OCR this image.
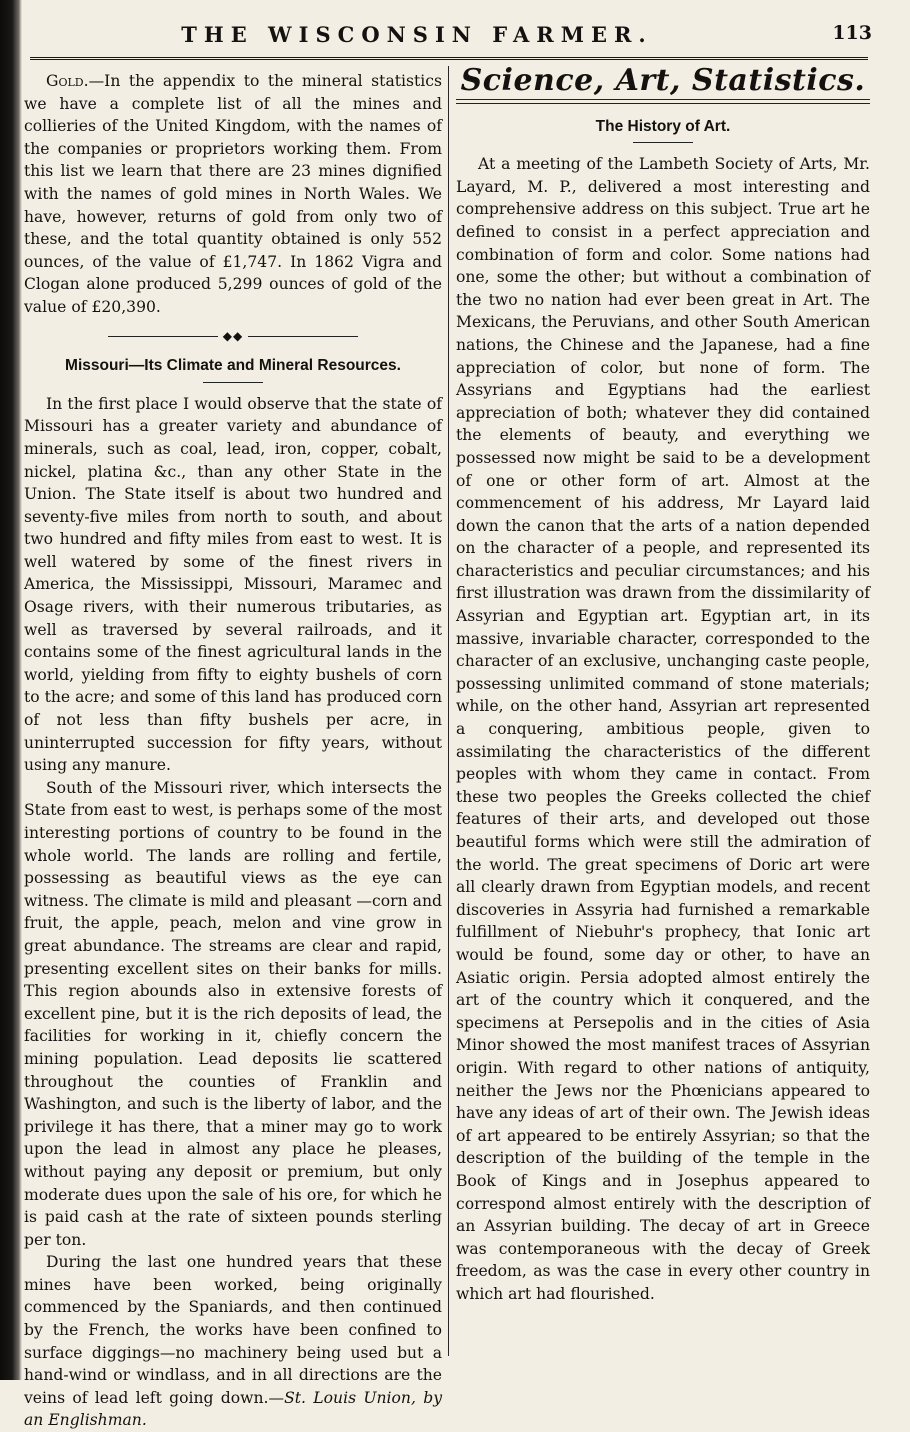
THE WISCONSIN FARMER.	113

Gold.—In the appendix to the mineral statistics we have a complete list of all the mines and collieries of the United Kingdom, with the names of the companies or proprietors working them. From this list we learn that there are 23 mines dignified with the names of gold mines in North Wales. We have, however, returns of gold from only two of these, and the total quantity obtained is only 552 ounces, of the value of £1,747. In 1862 Vigra and Clogan alone produced 5,299 ounces of gold of the value of £20,390.

◆◆

Missouri—Its Climate and Mineral Resources.

In the first place I would observe that the state of Missouri has a greater variety and abundance of minerals, such as coal, lead, iron, copper, cobalt, nickel, platina &c., than any other State in the Union. The State itself is about two hundred and seventy-five miles from north to south, and about two hundred and fifty miles from east to west. It is well watered by some of the finest rivers in America, the Mississippi, Missouri, Maramec and Osage rivers, with their numerous tributaries, as well as traversed by several railroads, and it contains some of the finest agricultural lands in the world, yielding from fifty to eighty bushels of corn to the acre; and some of this land has produced corn of not less than fifty bushels per acre, in uninterrupted succession for fifty years, without using any manure.

South of the Missouri river, which intersects the State from east to west, is perhaps some of the most interesting portions of country to be found in the whole world. The lands are rolling and fertile, possessing as beautiful views as the eye can witness. The climate is mild and pleasant —corn and fruit, the apple, peach, melon and vine grow in great abundance. The streams are clear and rapid, presenting excellent sites on their banks for mills. This region abounds also in extensive forests of excellent pine, but it is the rich deposits of lead, the facilities for working in it, chiefly concern the mining population. Lead deposits lie scattered throughout the counties of Franklin and Washington, and such is the liberty of labor, and the privilege it has there, that a miner may go to work upon the lead in almost any place he pleases, without paying any deposit or premium, but only moderate dues upon the sale of his ore, for which he is paid cash at the rate of sixteen pounds sterling per ton.

During the last one hundred years that these mines have been worked, being originally commenced by the Spaniards, and then continued by the French, the works have been confined to surface diggings—no machinery being used but a hand-wind or windlass, and in all directions are the veins of lead left going down.—St. Louis Union, by an Englishman.

Science, Art, Statistics.

The History of Art.

At a meeting of the Lambeth Society of Arts, Mr. Layard, M. P., delivered a most interesting and comprehensive address on this subject. True art he defined to consist in a perfect appreciation and combination of form and color. Some nations had one, some the other; but without a combination of the two no nation had ever been great in Art. The Mexicans, the Peruvians, and other South American nations, the Chinese and the Japanese, had a fine appreciation of color, but none of form. The Assyrians and Egyptians had the earliest appreciation of both; whatever they did contained the elements of beauty, and everything we possessed now might be said to be a development of one or other form of art. Almost at the commencement of his address, Mr Layard laid down the canon that the arts of a nation depended on the character of a people, and represented its characteristics and peculiar circumstances; and his first illustration was drawn from the dissimilarity of Assyrian and Egyptian art. Egyptian art, in its massive, invariable character, corresponded to the character of an exclusive, unchanging caste people, possessing unlimited command of stone materials; while, on the other hand, Assyrian art represented a conquering, ambitious people, given to assimilating the characteristics of the different peoples with whom they came in contact. From these two peoples the Greeks collected the chief features of their arts, and developed out those beautiful forms which were still the admiration of the world. The great specimens of Doric art were all clearly drawn from Egyptian models, and recent discoveries in Assyria had furnished a remarkable fulfillment of Niebuhr's prophecy, that Ionic art would be found, some day or other, to have an Asiatic origin. Persia adopted almost entirely the art of the country which it conquered, and the specimens at Persepolis and in the cities of Asia Minor showed the most manifest traces of Assyrian origin. With regard to other nations of antiquity, neither the Jews nor the Phœnicians appeared to have any ideas of art of their own. The Jewish ideas of art appeared to be entirely Assyrian; so that the description of the building of the temple in the Book of Kings and in Josephus appeared to correspond almost entirely with the description of an Assyrian building. The decay of art in Greece was contemporaneous with the decay of Greek freedom, as was the case in every other country in which art had flourished.
